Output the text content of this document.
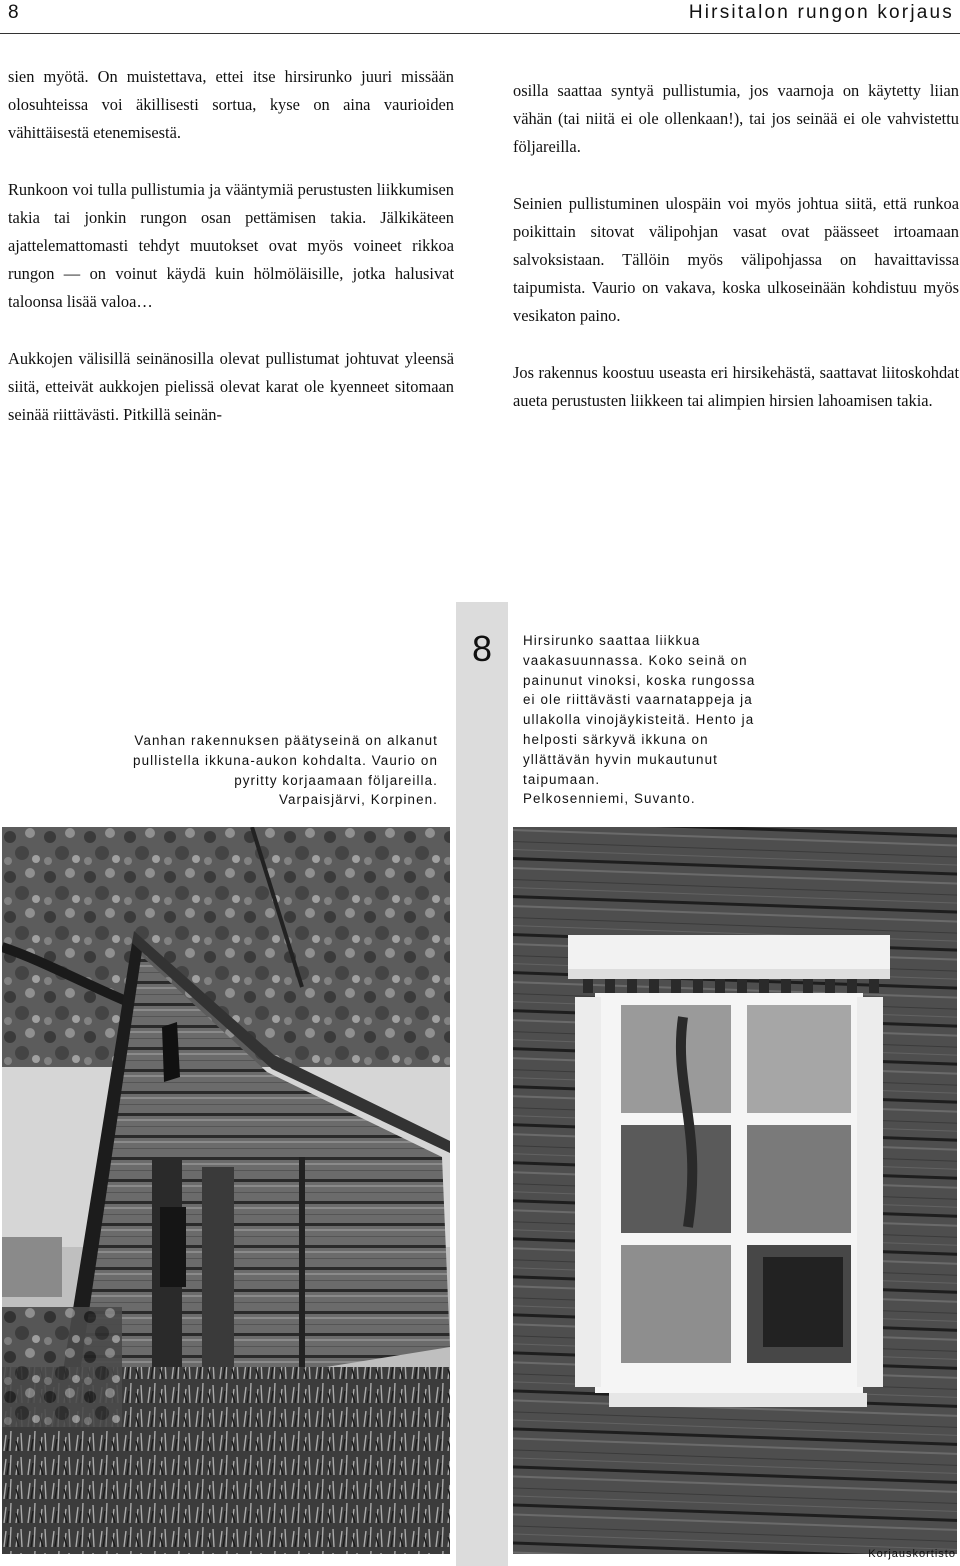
8	Hirsitalon rungon korjaus

sien myötä. On muistettava, ettei itse hirsirunko juuri missään olosuhteissa voi äkillisesti sortua, kyse on aina vaurioiden vähittäisestä etenemisestä.

Runkoon voi tulla pullistumia ja vääntymiä perustusten liikkumisen takia tai jonkin rungon osan pettämisen takia. Jälkikäteen ajattelemattomasti tehdyt muutokset ovat myös voineet rikkoa rungon — on voinut käydä kuin hölmöläisille, jotka halusivat taloonsa lisää valoa…

Aukkojen välisillä seinänosilla olevat pullistumat johtuvat yleensä siitä, etteivät aukkojen pielissä olevat karat ole kyenneet sitomaan seinää riittävästi. Pitkillä seinän-

osilla saattaa syntyä pullistumia, jos vaarnoja on käytetty liian vähän (tai niitä ei ole ollenkaan!), tai jos seinää ei ole vahvistettu följareilla.

Seinien pullistuminen ulospäin voi myös johtua siitä, että runkoa poikittain sitovat välipohjan vasat ovat päässeet irtoamaan salvoksistaan. Tällöin myös välipohjassa on havaittavissa taipumista. Vaurio on vakava, koska ulkoseinään kohdistuu myös vesikaton paino.

Jos rakennus koostuu useasta eri hirsikehästä, saattavat liitoskohdat aueta perustusten liikkeen tai alimpien hirsien lahoamisen takia.

8
Vanhan rakennuksen päätyseinä on alkanut
pullistella ikkuna-aukon kohdalta. Vaurio on
pyritty korjaamaan följareilla.
Varpaisjärvi, Korpinen.
Hirsirunko saattaa liikkua
vaakasuunnassa. Koko seinä on
painunut vinoksi, koska rungossa
ei ole riittävästi vaarnatappeja ja
ullakolla vinojäykisteitä. Hento ja
helposti särkyvä ikkuna on
yllättävän hyvin mukautunut
taipumaan.
Pelkosenniemi, Suvanto.
Korjauskortisto
